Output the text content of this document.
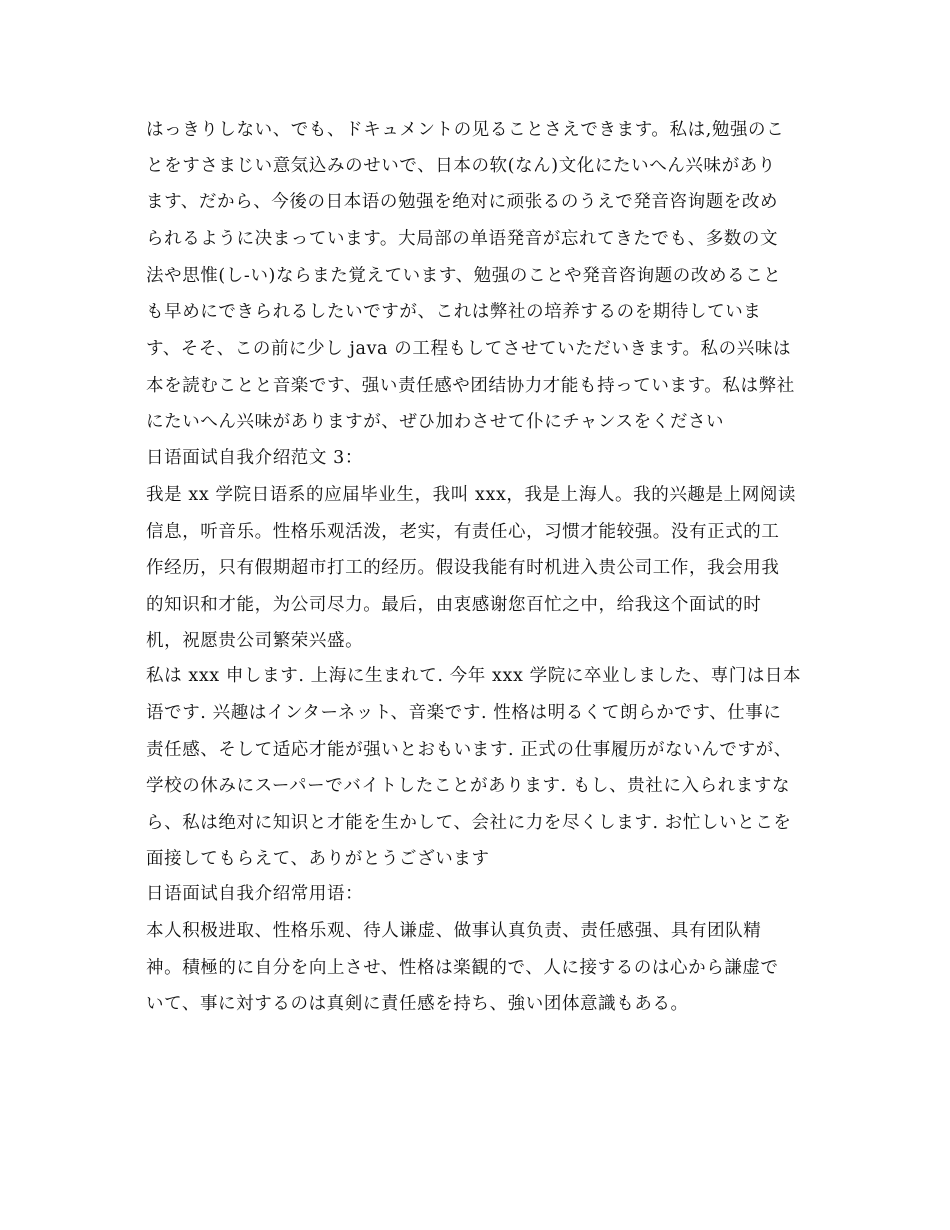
はっきりしない、でも、ドキュメントの见ることさえできます。私は,勉强のこ
とをすさまじい意気込みのせいで、日本の软(なん)文化にたいへん兴味があり
ます、だから、今後の日本语の勉强を绝对に顽张るのうえで発音咨询题を改め
られるように决まっています。大局部の单语発音が忘れてきたでも、多数の文
法や思惟(し-い)ならまた覚えています、勉强のことや発音咨询题の改めること
も早めにできられるしたいですが、これは弊社の培养するのを期待していま
す、そそ、この前に少し java の工程もしてさせていただいきます。私の兴味は
本を読むことと音楽です、强い责任感や团结协力才能も持っています。私は弊社
にたいへん兴味がありますが、ぜひ加わさせて仆にチャンスをください
日语面试自我介绍范文 3：
我是 xx 学院日语系的应届毕业生，我叫 xxx，我是上海人。我的兴趣是上网阅读
信息，听音乐。性格乐观活泼，老实，有责任心，习惯才能较强。没有正式的工
作经历，只有假期超市打工的经历。假设我能有时机进入贵公司工作，我会用我
的知识和才能，为公司尽力。最后，由衷感谢您百忙之中，给我这个面试的时
机，祝愿贵公司繁荣兴盛。
私は xxx 申します. 上海に生まれて. 今年 xxx 学院に卒业しました、専门は日本
语です. 兴趣はインターネット、音楽です. 性格は明るくて朗らかです、仕事に
责任感、そして适応才能が强いとおもいます. 正式の仕事履历がないんですが、
学校の休みにスーパーでバイトしたことがあります. もし、贵社に入られますな
ら、私は绝对に知识と才能を生かして、会社に力を尽くします. お忙しいとこを
面接してもらえて、ありがとうございます
日语面试自我介绍常用语：
本人积极进取、性格乐观、待人谦虚、做事认真负责、责任感强、具有团队精
神。積極的に自分を向上させ、性格は楽観的で、人に接するのは心から謙虚で
いて、事に対するのは真剣に責任感を持ち、強い团体意識もある。
